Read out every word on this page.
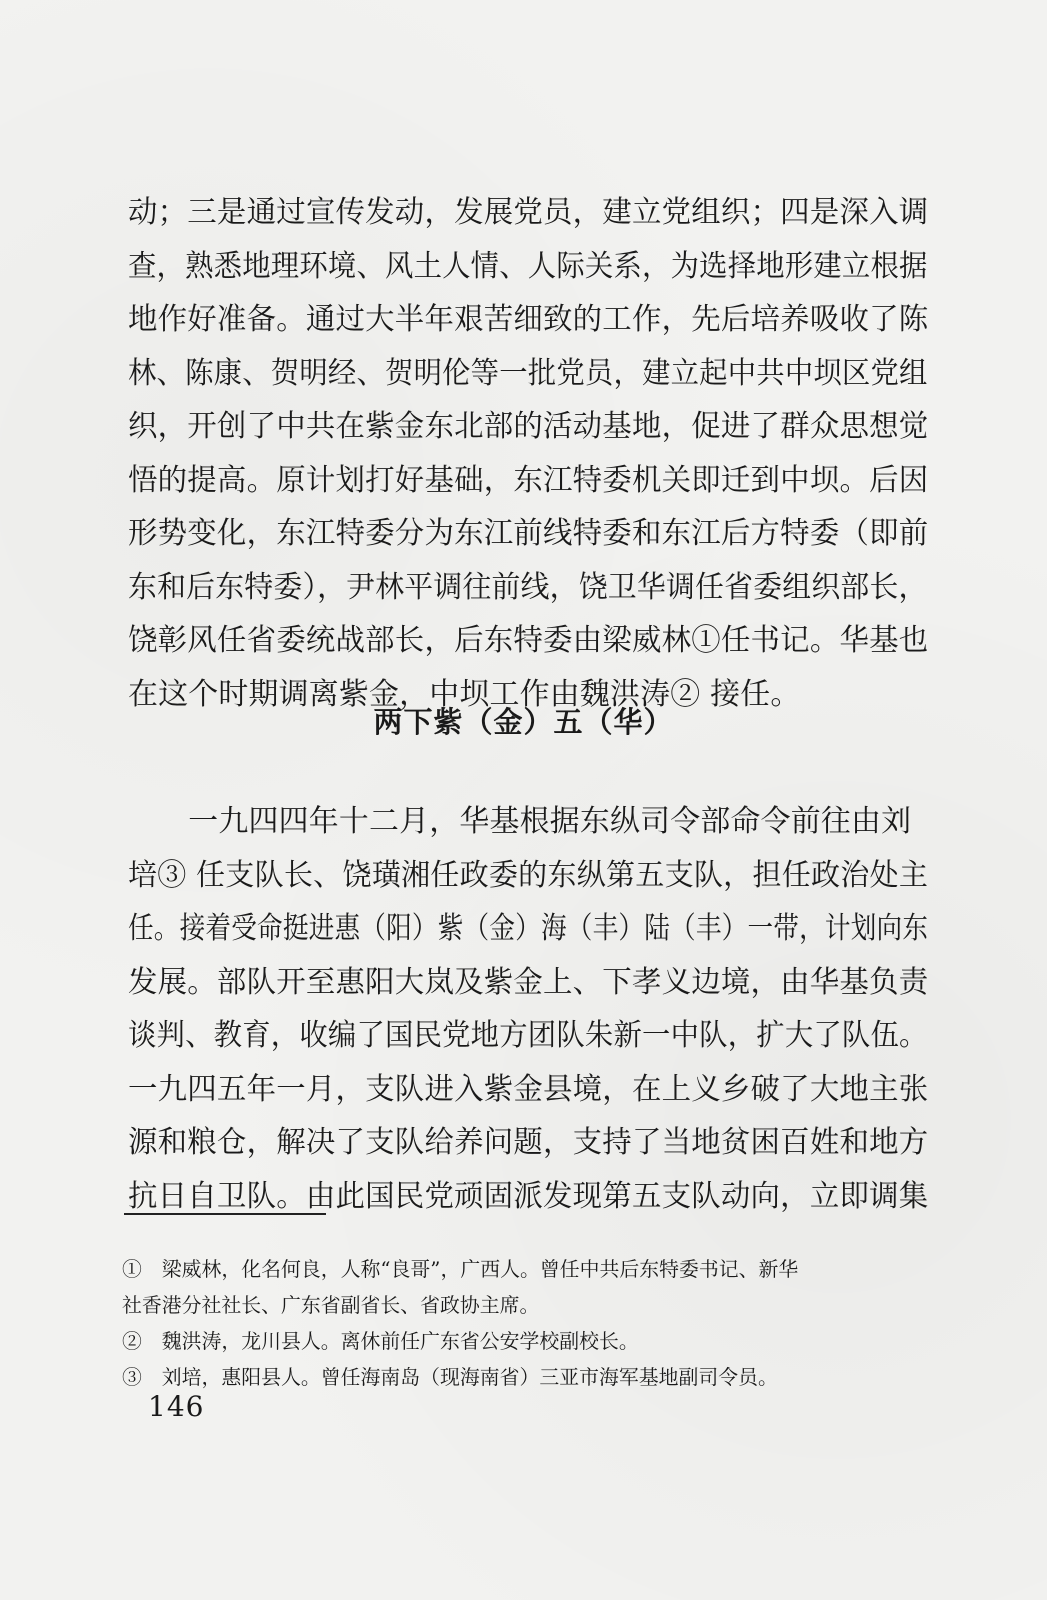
动；三是通过宣传发动，发展党员，建立党组织；四是深入调
查，熟悉地理环境、风土人情、人际关系，为选择地形建立根据
地作好准备。通过大半年艰苦细致的工作，先后培养吸收了陈
林、陈康、贺明经、贺明伦等一批党员，建立起中共中坝区党组
织，开创了中共在紫金东北部的活动基地，促进了群众思想觉
悟的提高。原计划打好基础，东江特委机关即迁到中坝。后因
形势变化，东江特委分为东江前线特委和东江后方特委（即前
东和后东特委），尹林平调往前线，饶卫华调任省委组织部长，
饶彰风任省委统战部长，后东特委由梁威林①任书记。华基也
在这个时期调离紫金，中坝工作由魏洪涛② 接任。
两下紫（金）五（华）
　　一九四四年十二月，华基根据东纵司令部命令前往由刘
培③ 任支队长、饶璜湘任政委的东纵第五支队，担任政治处主
任。接着受命挺进惠（阳）紫（金）海（丰）陆（丰）一带，计划向东
发展。部队开至惠阳大岚及紫金上、下孝义边境，由华基负责
谈判、教育，收编了国民党地方团队朱新一中队，扩大了队伍。
一九四五年一月，支队进入紫金县境，在上义乡破了大地主张
源和粮仓，解决了支队给养问题，支持了当地贫困百姓和地方
抗日自卫队。由此国民党顽固派发现第五支队动向，立即调集
①　梁威林，化名何良，人称“良哥”，广西人。曾任中共后东特委书记、新华
社香港分社社长、广东省副省长、省政协主席。
②　魏洪涛，龙川县人。离休前任广东省公安学校副校长。
③　刘培，惠阳县人。曾任海南岛（现海南省）三亚市海军基地副司令员。
146
